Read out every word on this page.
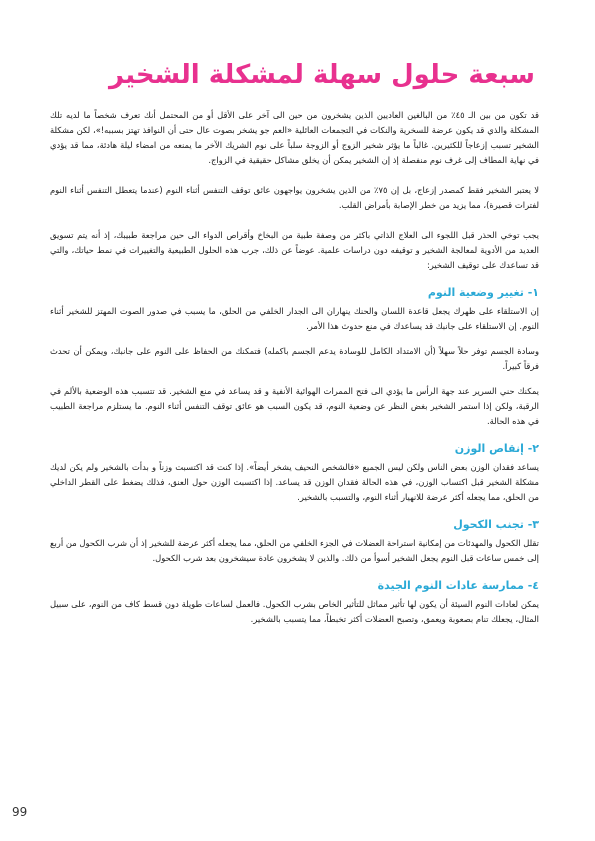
سبعة حلول سهلة لمشكلة الشخير

قد تكون من بين الـ ٤٥٪ من البالغين العاديين الذين يشخرون من حين الى آخر على الأقل أو من المحتمل أنك تعرف شخصاً ما لديه تلك المشكلة والذي قد يكون عرضة للسخرية والنكات في التجمعات العائلية «العم جو يشخر بصوت عال حتى أن النوافذ تهتز بسببه!»، لكن مشكلة الشخير تسبب إزعاجاً للكثيرين. غالباً ما يؤثر شخير الزوج أو الزوجة سلباً على نوم الشريك الآخر ما يمنعه من امضاء ليلة هادئة، مما قد يؤدي في نهاية المطاف إلى غرف نوم منفصلة إذ إن الشخير يمكن أن يخلق مشاكل حقيقية في الزواج.

لا يعتبر الشخير فقط كمصدر إزعاج، بل إن ٧٥٪ من الذين يشخرون يواجهون عائق توقف التنفس أثناء النوم (عندما يتعطل التنفس أثناء النوم لفترات قصيرة)، مما يزيد من خطر الإصابة بأمراض القلب.

يجب توخي الحذر قبل اللجوء الى العلاج الذاتي باكثر من وصفة طبية من البخاخ وأقراص الدواء الى حين مراجعة طبيبك، إذ أنه يتم تسويق العديد من الأدوية لمعالجة الشخير و توقيفه دون دراسات علمية. عوضاً عن ذلك، جرب هذه الحلول الطبيعية والتغييرات في نمط حياتك، والتي قد تساعدك على توقيف الشخير:

١- تغيير وضعية النوم

إن الاستلقاء على ظهرك يجعل قاعدة اللسان والحنك ينهاران الى الجدار الخلفي من الحلق، ما يسبب في صدور الصوت المهتز للشخير أثناء النوم. إن الاستلقاء على جانبك قد يساعدك في منع حدوث هذا الأمر.

وسادة الجسم توفر حلاً سهلاً (أن الامتداد الكامل للوسادة يدعم الجسم باكمله) فتمكنك من الحفاظ على النوم على جانبك، ويمكن أن تحدث فرقاً كبيراً.

يمكنك حني السرير عند جهة الرأس ما يؤدي الى فتح الممرات الهوائية الأنفية و قد يساعد في منع الشخير. قد تتسبب هذه الوضعية بالألم في الرقبة، ولكن إذا استمر الشخير بغض النظر عن وضعية النوم، قد يكون السبب هو عائق توقف التنفس أثناء النوم. ما يستلزم مراجعة الطبيب في هذه الحالة.

٢- إنقاص الوزن

يساعد فقدان الوزن بعض الناس ولكن ليس الجميع «فالشخص النحيف يشخر أيضاً». إذا كنت قد اكتسبت وزناً و بدأت بالشخير ولم يكن لديك مشكلة الشخير قبل اكتساب الوزن، في هذه الحالة فقدان الوزن قد يساعد. إذا اكتسبت الوزن حول العنق، فذلك يضغط على القطر الداخلي من الحلق، مما يجعله أكثر عرضة للانهيار أثناء النوم، والتسبب بالشخير.

٣- تجنب الكحول

تقلل الكحول والمهدئات من إمكانية استراحة العضلات في الجزء الخلفي من الحلق، مما يجعله أكثر عرضة للشخير إذ أن شرب الكحول من أربع إلى خمس ساعات قبل النوم يجعل الشخير أسوأ من ذلك. والذين لا يشخرون عادة سيشخرون بعد شرب الكحول.

٤- ممارسة عادات النوم الجيدة

يمكن لعادات النوم السيئة أن يكون لها تأثير مماثل للتأثير الخاص بشرب الكحول. فالعمل لساعات طويلة دون قسط كاف من النوم، على سبيل المثال، يجعلك تنام بصعوبة ويعمق، وتصبح العضلات أكثر تخبطاً، مما يتسبب بالشخير.

99
